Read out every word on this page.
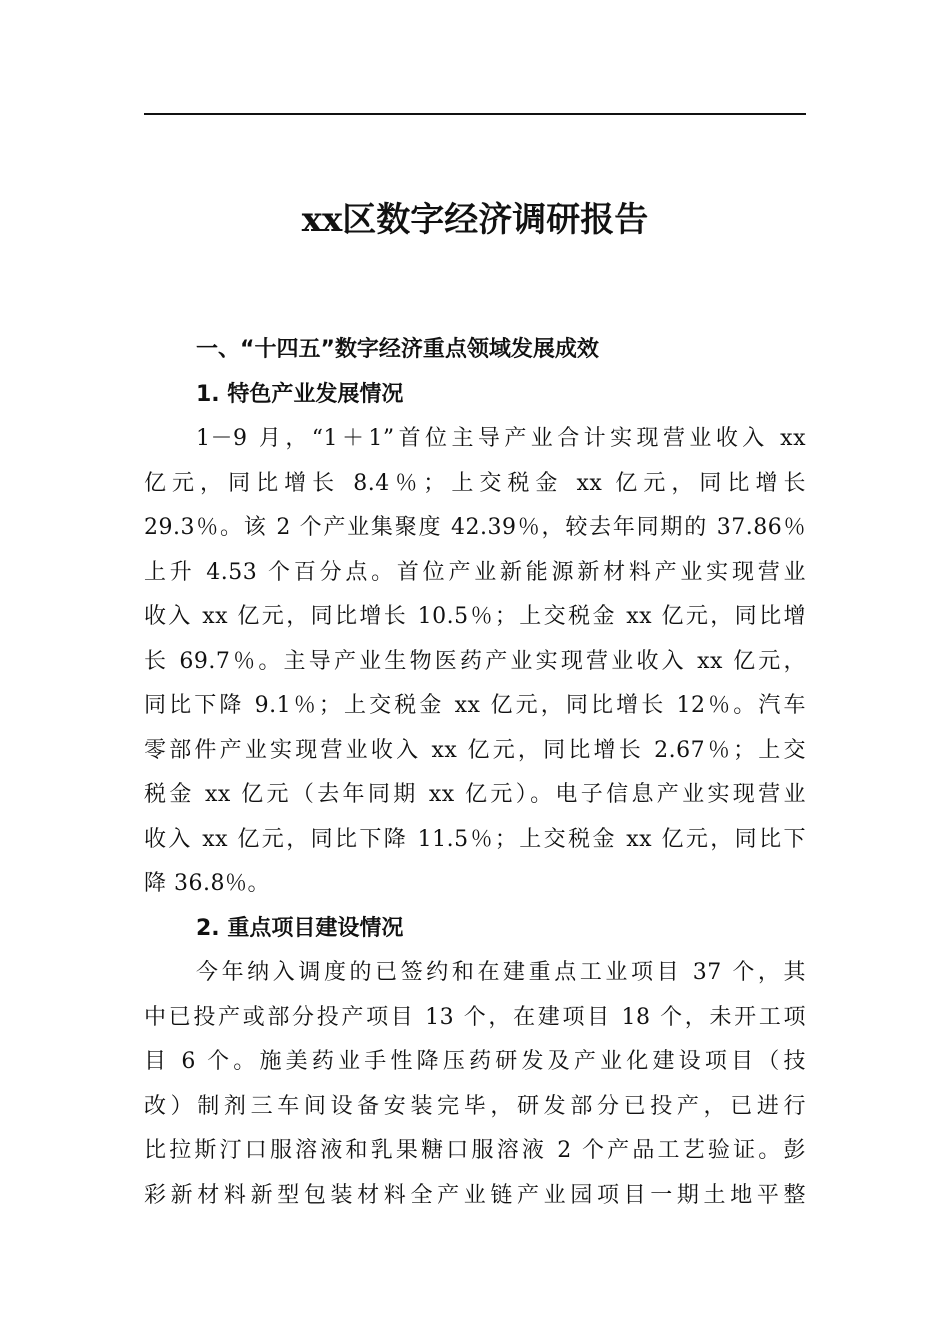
xx区数字经济调研报告

一、“十四五”数字经济重点领域发展成效

1. 特色产业发展情况

1－9 月，“1＋1”首位主导产业合计实现营业收入 xx
亿元，同比增长 8.4％；上交税金 xx 亿元，同比增长
29.3％。该 2 个产业集聚度 42.39％，较去年同期的 37.86％
上升 4.53 个百分点。首位产业新能源新材料产业实现营业
收入 xx 亿元，同比增长 10.5％；上交税金 xx 亿元，同比增
长 69.7％。主导产业生物医药产业实现营业收入 xx 亿元，
同比下降 9.1％；上交税金 xx 亿元，同比增长 12％。汽车
零部件产业实现营业收入 xx 亿元，同比增长 2.67％；上交
税金 xx 亿元（去年同期 xx 亿元）。电子信息产业实现营业
收入 xx 亿元，同比下降 11.5％；上交税金 xx 亿元，同比下
降 36.8％。

2. 重点项目建设情况

今年纳入调度的已签约和在建重点工业项目 37 个，其
中已投产或部分投产项目 13 个，在建项目 18 个，未开工项
目 6 个。施美药业手性降压药研发及产业化建设项目（技
改）制剂三车间设备安装完毕，研发部分已投产，已进行
比拉斯汀口服溶液和乳果糖口服溶液 2 个产品工艺验证。彭
彩新材料新型包装材料全产业链产业园项目一期土地平整
